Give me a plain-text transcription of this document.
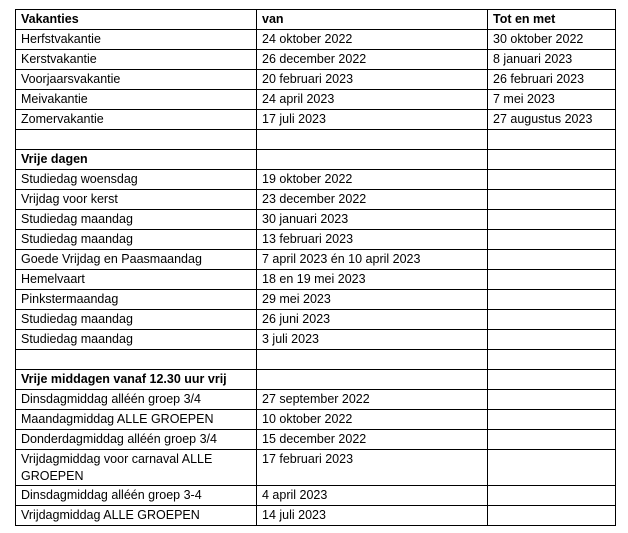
Vakanties	van	Tot en met
Herfstvakantie	24 oktober 2022	30 oktober 2022
Kerstvakantie	26 december 2022	8 januari 2023
Voorjaarsvakantie	20 februari 2023	26 februari 2023
Meivakantie	24 april 2023	7 mei 2023
Zomervakantie	17 juli 2023	27 augustus 2023

Vrije dagen		
Studiedag woensdag	19 oktober 2022	
Vrijdag voor kerst	23 december 2022	
Studiedag maandag	30 januari 2023	
Studiedag maandag	13 februari 2023	
Goede Vrijdag en Paasmaandag	7 april 2023 én 10 april 2023	
Hemelvaart	18 en 19 mei 2023	
Pinkstermaandag	29 mei 2023	
Studiedag maandag	26 juni 2023	
Studiedag maandag	3 juli 2023	

Vrije middagen vanaf 12.30 uur vrij		
Dinsdagmiddag alléén groep 3/4	27 september 2022	
Maandagmiddag ALLE GROEPEN	10 oktober 2022	
Donderdagmiddag alléén groep 3/4	15 december 2022	
Vrijdagmiddag voor carnaval ALLE GROEPEN	17 februari 2023	
Dinsdagmiddag alléén groep 3-4	4 april 2023	
Vrijdagmiddag ALLE GROEPEN	14 juli 2023	
